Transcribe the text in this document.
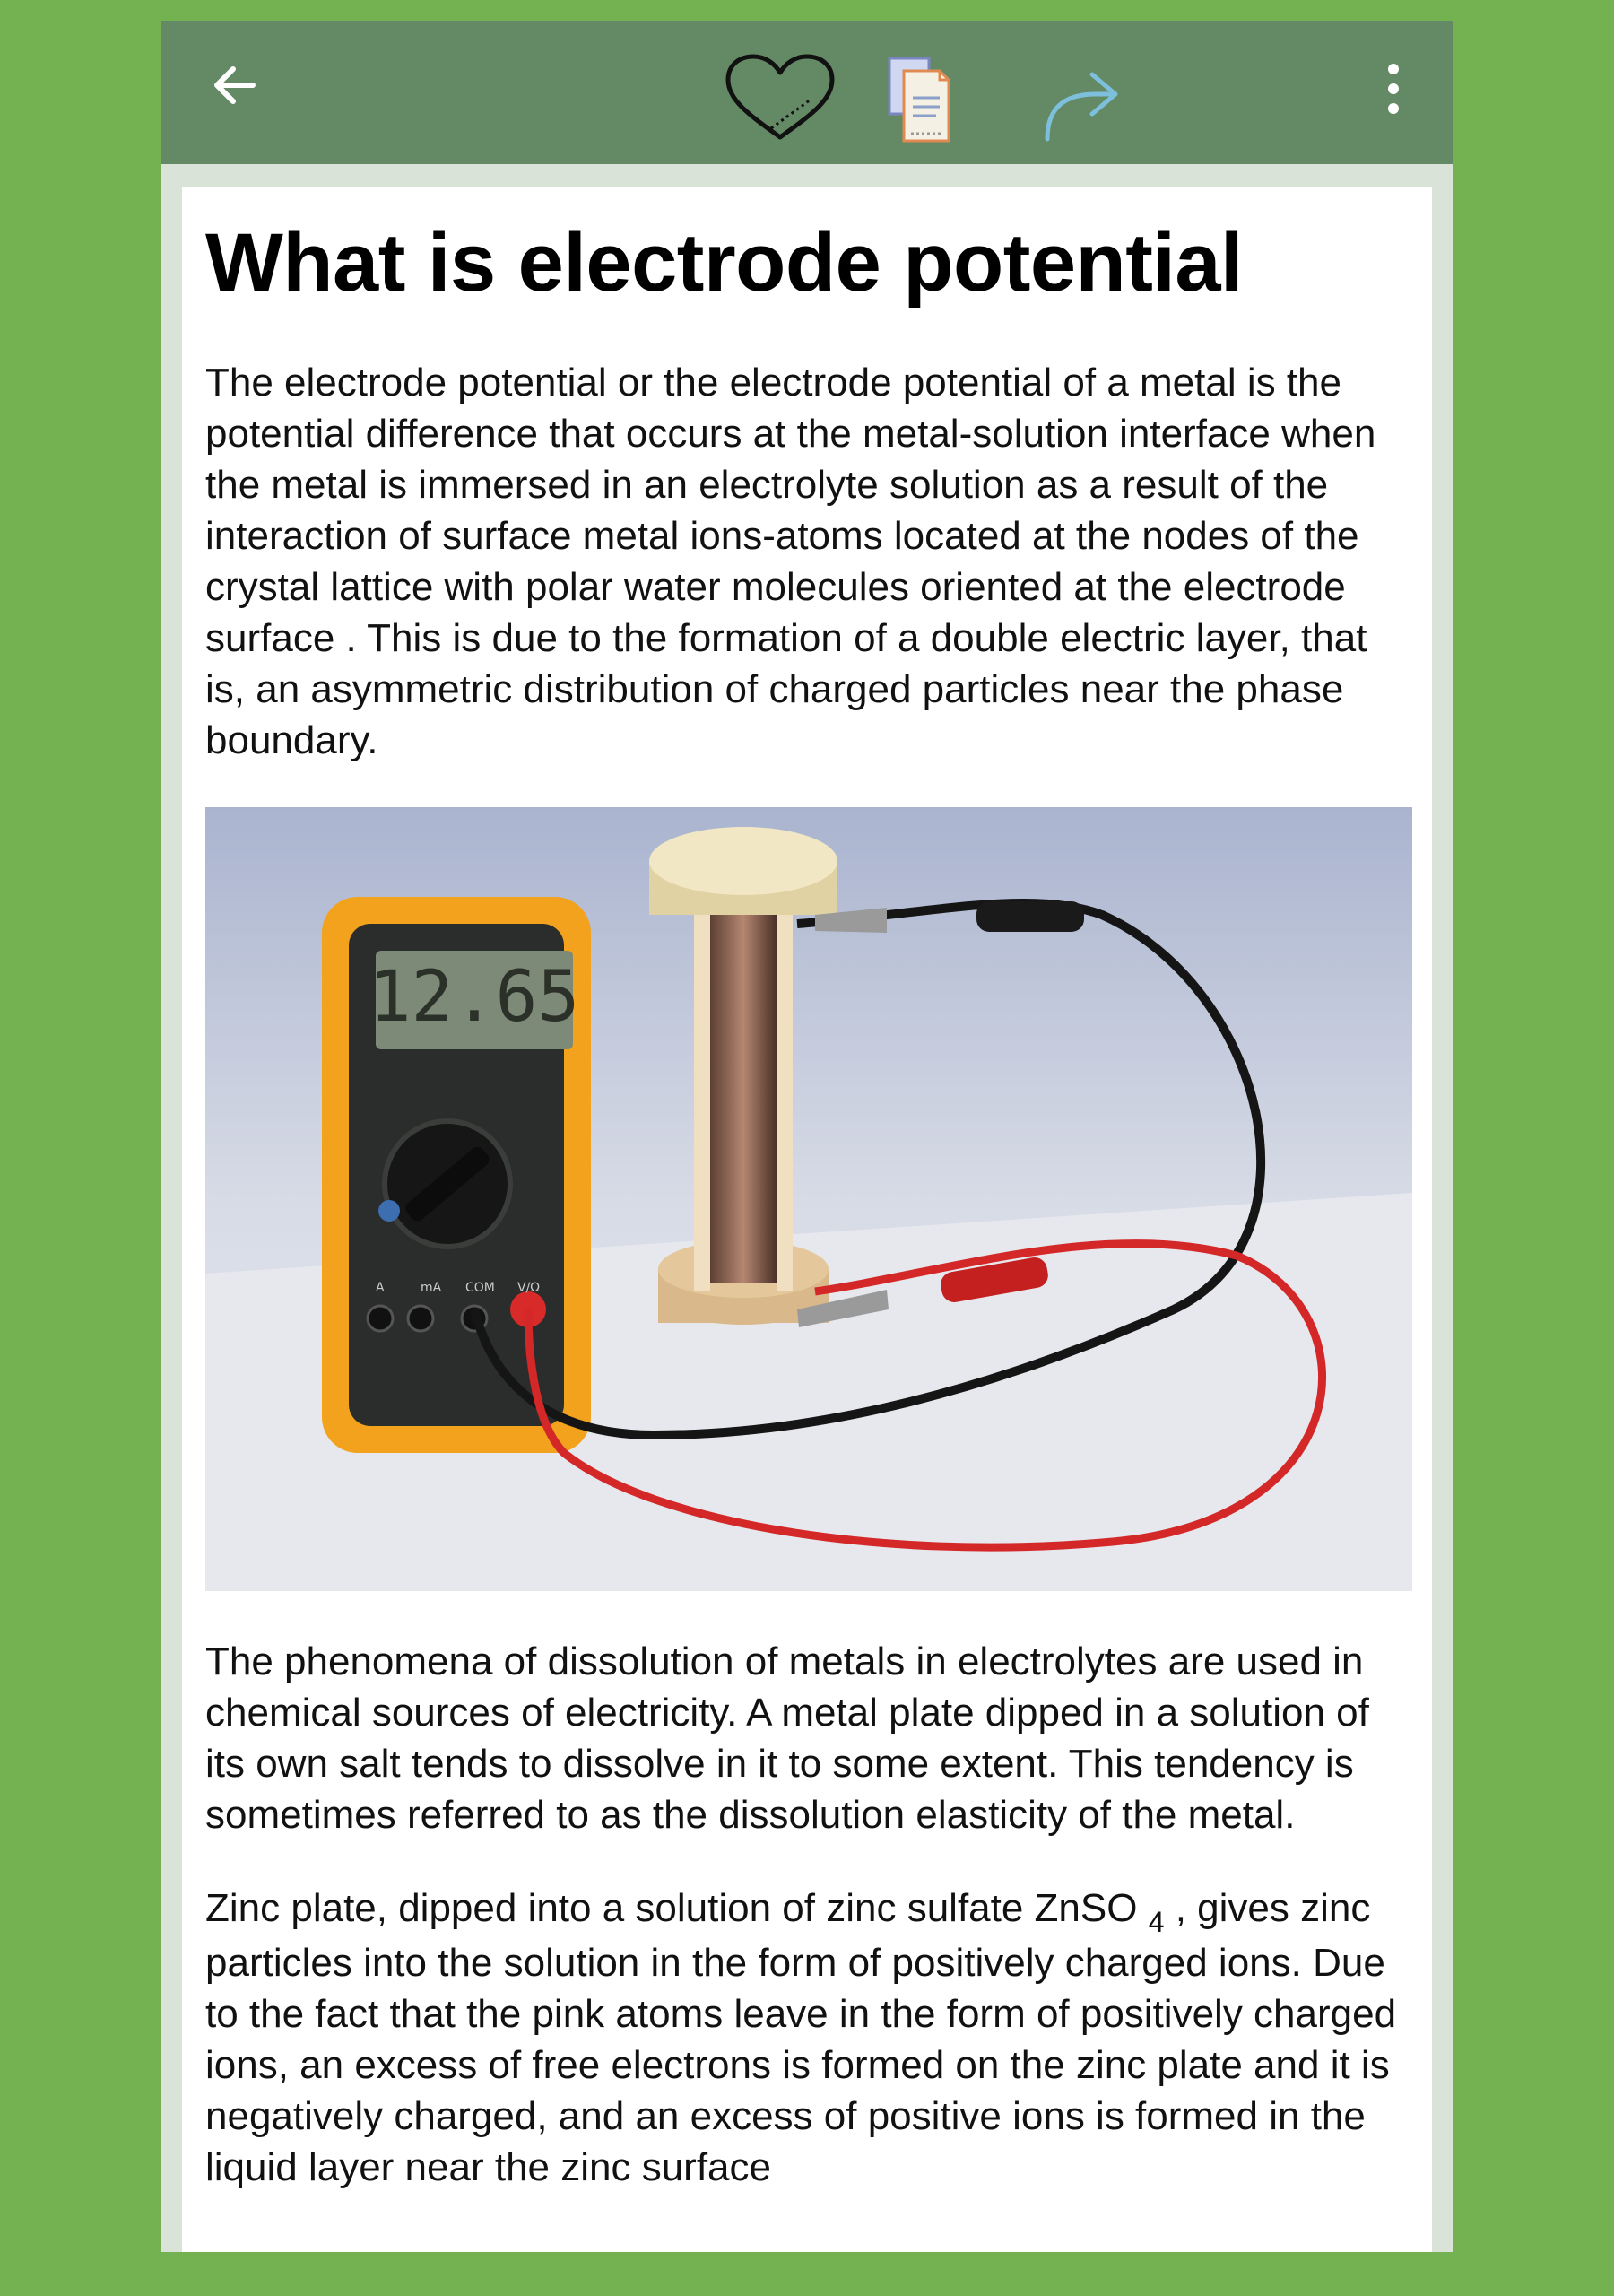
What is electrode potential

The electrode potential or the electrode potential of a metal is the potential difference that occurs at the metal-solution interface when the metal is immersed in an electrolyte solution as a result of the interaction of surface metal ions-atoms located at the nodes of the crystal lattice with polar water molecules oriented at the electrode surface . This is due to the formation of a double electric layer, that is, an asymmetric distribution of charged particles near the phase boundary.

12.65
A	mA COM V/Ω

The phenomena of dissolution of metals in electrolytes are used in chemical sources of electricity. A metal plate dipped in a solution of its own salt tends to dissolve in it to some extent. This tendency is sometimes referred to as the dissolution elasticity of the metal.

Zinc plate, dipped into a solution of zinc sulfate ZnSO $_4$ , gives zinc particles into the solution in the form of positively charged ions. Due to the fact that the pink atoms leave in the form of positively charged ions, an excess of free electrons is formed on the zinc plate and it is negatively charged, and an excess of positive ions is formed in the liquid layer near the zinc surface
